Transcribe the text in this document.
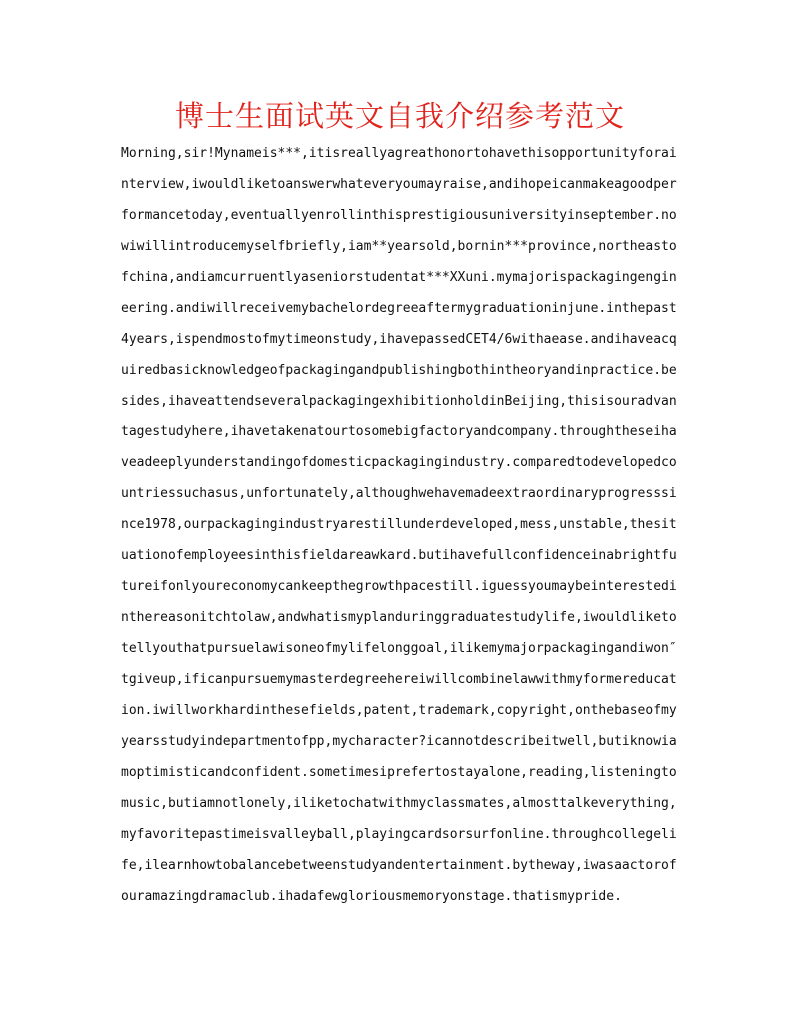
博士生面试英文自我介绍参考范文
Morning,sir!Mynameis***,itisreallyagreathonortohavethisopportunityforai
nterview,iwouldliketoanswerwhateveryoumayraise,andihopeicanmakeagoodper
formancetoday,eventuallyenrollinthisprestigiousuniversityinseptember.no
wiwillintroducemyselfbriefly,iam**yearsold,bornin***province,northeasto
fchina,andiamcurruentlyaseniorstudentat***XXuni.mymajorispackagingengin
eering.andiwillreceivemybachelordegreeaftermygraduationinjune.inthepast
4years,ispendmostofmytimeonstudy,ihavepassedCET4/6withaease.andihaveacq
uiredbasicknowledgeofpackagingandpublishingbothintheoryandinpractice.be
sides,ihaveattendseveralpackagingexhibitionholdinBeijing,thisisouradvan
tagestudyhere,ihavetakenatourtosomebigfactoryandcompany.throughtheseiha
veadeeplyunderstandingofdomesticpackagingindustry.comparedtodevelopedco
untriessuchasus,unfortunately,althoughwehavemadeextraordinaryprogresssi
nce1978,ourpackagingindustryarestillunderdeveloped,mess,unstable,thesit
uationofemployeesinthisfieldareawkard.butihavefullconfidenceinabrightfu
tureifonlyoureconomycankeepthegrowthpacestill.iguessyoumaybeinterestedi
nthereasonitchtolaw,andwhatismyplanduringgraduatestudylife,iwouldliketo
tellyouthatpursuelawisoneofmylifelonggoal,ilikemymajorpackagingandiwon″
tgiveup,ificanpursuemymasterdegreehereiwillcombinelawwithmyformereducat
ion.iwillworkhardinthesefields,patent,trademark,copyright,onthebaseofmy
yearsstudyindepartmentofpp,mycharacter?icannotdescribeitwell,butiknowia
moptimisticandconfident.sometimesiprefertostayalone,reading,listeningto
music,butiamnotlonely,iliketochatwithmyclassmates,almosttalkeverything,
myfavoritepastimeisvalleyball,playingcardsorsurfonline.throughcollegeli
fe,ilearnhowtobalancebetweenstudyandentertainment.bytheway,iwasaactorof
ouramazingdramaclub.ihadafewgloriousmemoryonstage.thatismypride.
